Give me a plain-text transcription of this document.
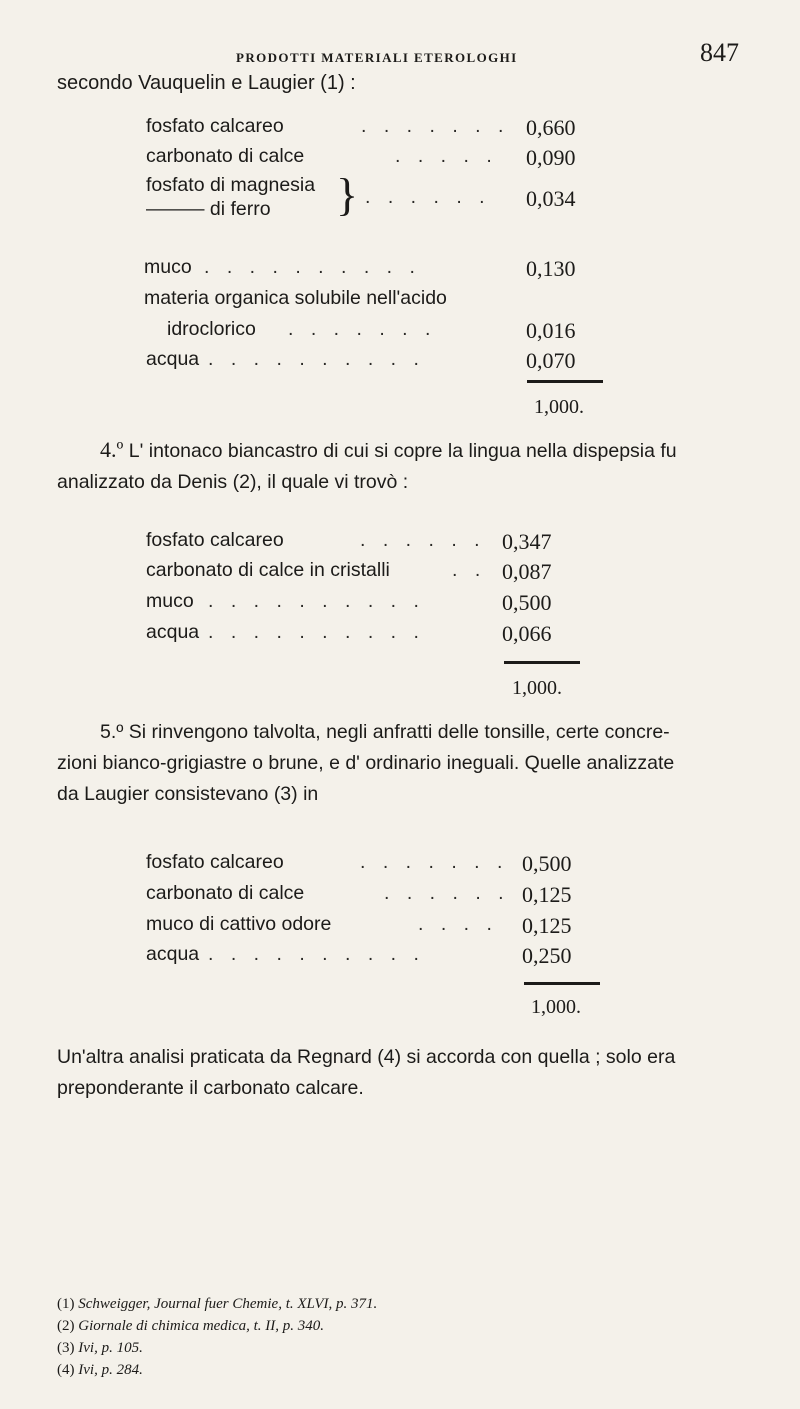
PRODOTTI MATERIALI ETEROLOGHI	847
secondo Vauquelin e Laugier (1) :
fosfato calcareo	. . . . . . . 0,660
carbonato di calce	. . . . . 0,090
fosfato di magnesia
——— di ferro } . . . . . . 0,034
muco . . . . . . . . . .	0,130
materia organica solubile nell'acido
idroclorico . . . . . . .	0,016
acqua . . . . . . . . . .	0,070
1,000.
4.º L' intonaco biancastro di cui si copre la lingua nella dispepsia fu
analizzato da Denis (2), il quale vi trovò :
fosfato calcareo	. . . . . . 0,347
carbonato di calce in cristalli	. . 0,087
muco . . . . . . . . . .	0,500
acqua . . . . . . . . . .	0,066
1,000.
5.º Si rinvengono talvolta, negli anfratti delle tonsille, certe concre-
zioni bianco-grigiastre o brune, e d' ordinario ineguali. Quelle analizzate
da Laugier consistevano (3) in
fosfato calcareo	. . . . . . . 0,500
carbonato di calce	. . . . . . 0,125
muco di cattivo odore	. . . . 0,125
acqua . . . . . . . . . .	0,250
1,000.
Un'altra analisi praticata da Regnard (4) si accorda con quella ; solo era
preponderante il carbonato calcare.
(1) Schweigger, Journal fuer Chemie, t. XLVI, p. 371.
(2) Giornale di chimica medica, t. II, p. 340.
(3) Ivi, p. 105.
(4) Ivi, p. 284.
